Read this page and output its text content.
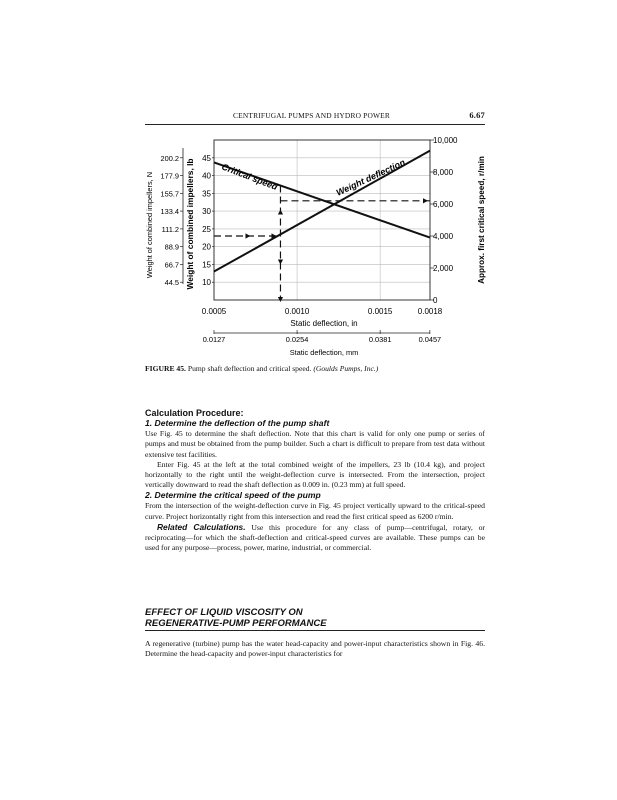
CENTRIFUGAL PUMPS AND HYDRO POWER	6.67
45
200.2
40
177.9
35
155.7
30
133.4
25
111.2
20
88.9
15
66.7
10
44.5
10,000
8,000
6,000
4,000
2,000
0
0.0005	0.0010	0.0015	0.0018
Static deflection, in
0.0127	0.0254	0.0381	0.0457
Static deflection, mm
Weight of combined impellers, N	Weight of combined impellers, lb	Approx. first critical speed, r/min
Critical speed	Weight deflection
FIGURE 45. Pump shaft deflection and critical speed. (Goulds Pumps, Inc.)

Calculation Procedure:

1. Determine the deflection of the pump shaft

Use Fig. 45 to determine the shaft deflection. Note that this chart is valid for only one pump or series of pumps and must be obtained from the pump builder. Such a chart is difficult to prepare from test data without extensive test facilities.

Enter Fig. 45 at the left at the total combined weight of the impellers, 23 lb (10.4 kg), and project horizontally to the right until the weight-deflection curve is intersected. From the intersection, project vertically downward to read the shaft deflection as 0.009 in. (0.23 mm) at full speed.

2. Determine the critical speed of the pump

From the intersection of the weight-deflection curve in Fig. 45 project vertically upward to the critical-speed curve. Project horizontally right from this intersection and read the first critical speed as 6200 r/min.

Related Calculations. Use this procedure for any class of pump—centrifugal, rotary, or reciprocating—for which the shaft-deflection and critical-speed curves are available. These pumps can be used for any purpose—process, power, marine, industrial, or commercial.

EFFECT OF LIQUID VISCOSITY ON
REGENERATIVE-PUMP PERFORMANCE
A regenerative (turbine) pump has the water head-capacity and power-input characteristics shown in Fig. 46. Determine the head-capacity and power-input characteristics for
